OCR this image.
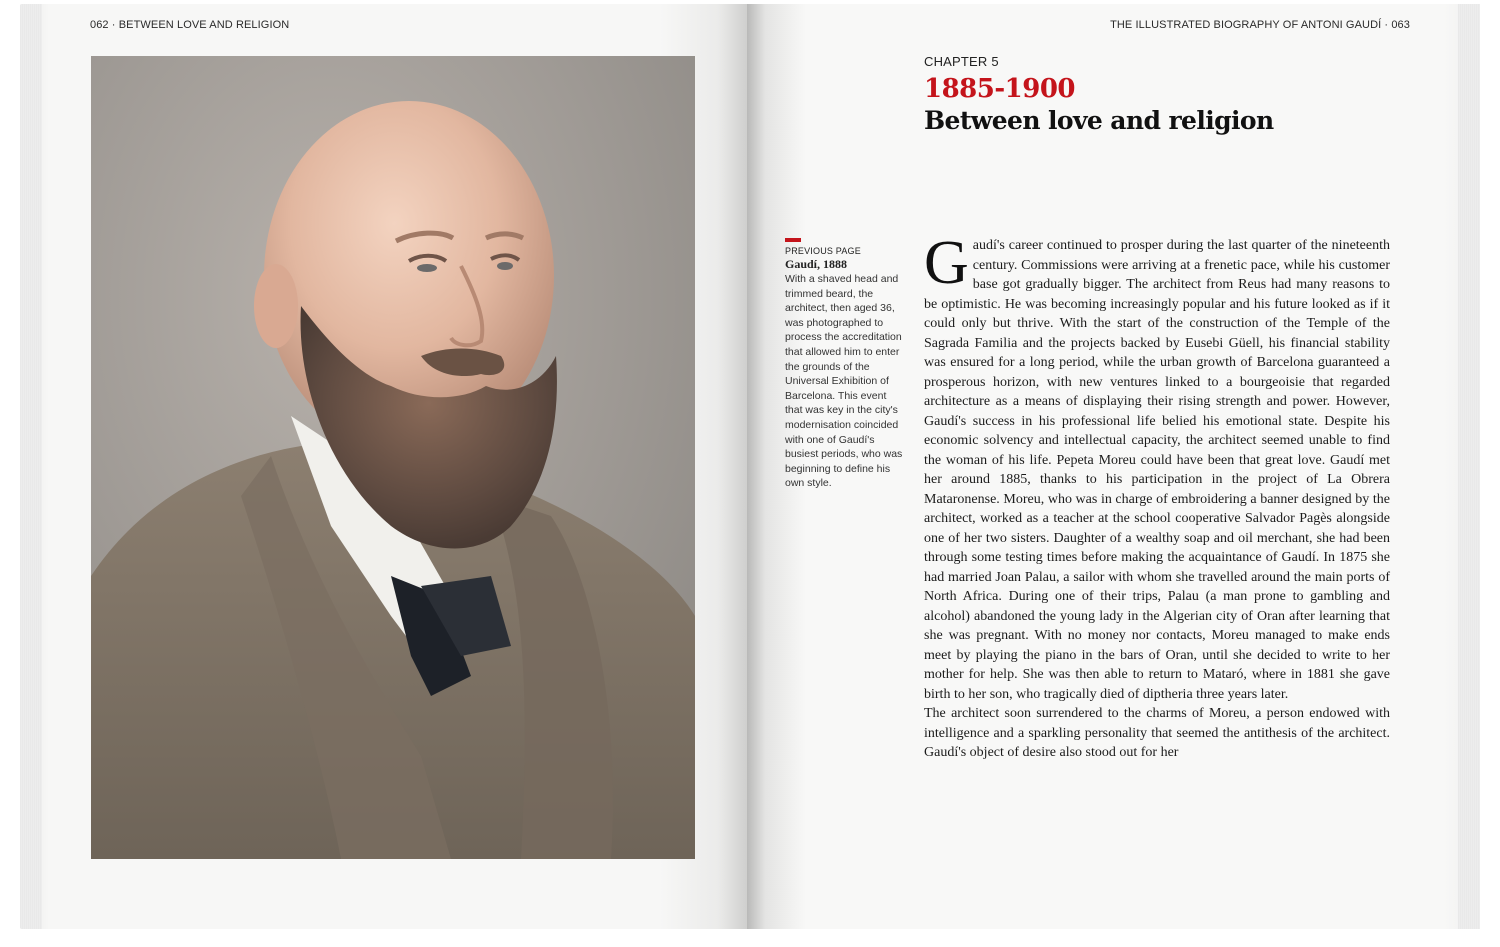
062 · BETWEEN LOVE AND RELIGION	THE ILLUSTRATED BIOGRAPHY OF ANTONI GAUDÍ · 063
CHAPTER 5
1885-1900
Between love and religion
PREVIOUS PAGE
Gaudí, 1888
With a shaved head and trimmed beard, the architect, then aged 36, was photographed to process the accreditation that allowed him to enter the grounds of the Universal Exhibition of Barcelona. This event that was key in the city's modernisation coincided with one of Gaudí's busiest periods, who was beginning to define his own style.

Gaudí's career continued to prosper during the last quarter of the nineteenth century. Commissions were arriving at a frenetic pace, while his customer base got gradually bigger. The architect from Reus had many reasons to be optimistic. He was becoming increasingly popular and his future looked as if it could only but thrive. With the start of the construction of the Temple of the Sagrada Familia and the projects backed by Eusebi Güell, his financial stability was ensured for a long period, while the urban growth of Barcelona guaranteed a prosperous horizon, with new ventures linked to a bourgeoisie that regarded architecture as a means of displaying their rising strength and power. However, Gaudí's success in his professional life belied his emotional state. Despite his economic solvency and intellectual capacity, the architect seemed unable to find the woman of his life. Pepeta Moreu could have been that great love. Gaudí met her around 1885, thanks to his participation in the project of La Obrera Mataronense. Moreu, who was in charge of embroidering a banner designed by the architect, worked as a teacher at the school cooperative Salvador Pagès alongside one of her two sisters. Daughter of a wealthy soap and oil merchant, she had been through some testing times before making the acquaintance of Gaudí. In 1875 she had married Joan Palau, a sailor with whom she travelled around the main ports of North Africa. During one of their trips, Palau (a man prone to gambling and alcohol) abandoned the young lady in the Algerian city of Oran after learning that she was pregnant. With no money nor contacts, Moreu managed to make ends meet by playing the piano in the bars of Oran, until she decided to write to her mother for help. She was then able to return to Mataró, where in 1881 she gave birth to her son, who tragically died of diptheria three years later.

The architect soon surrendered to the charms of Moreu, a person endowed with intelligence and a sparkling personality that seemed the antithesis of the architect. Gaudí's object of desire also stood out for her
